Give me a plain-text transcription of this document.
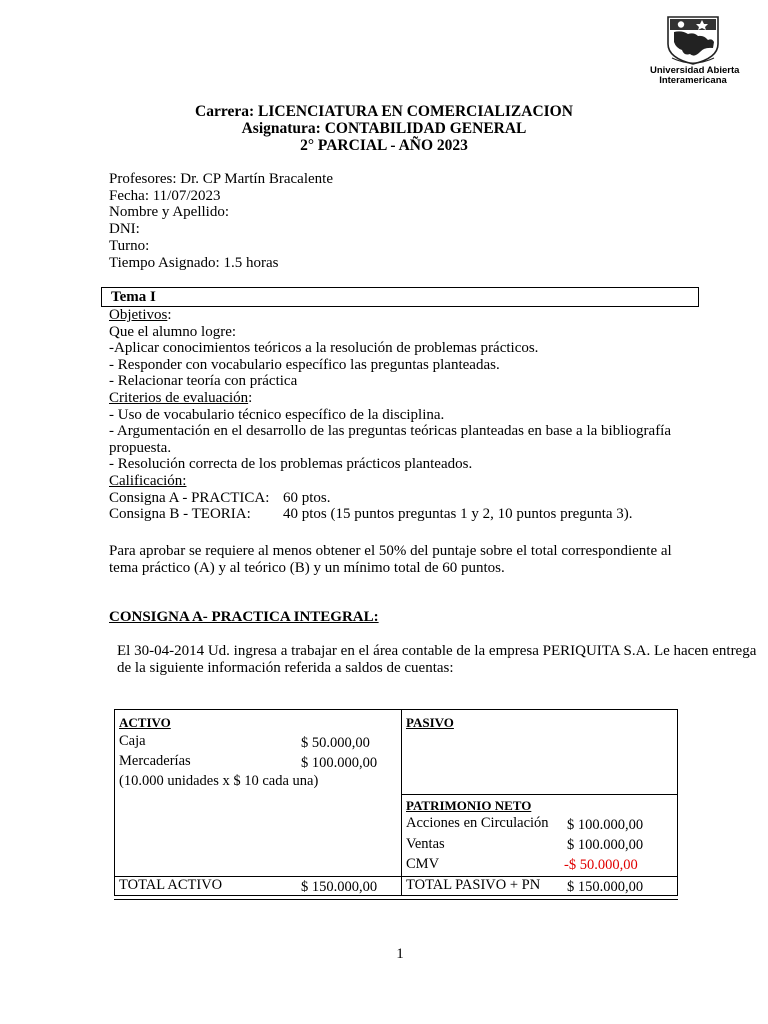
Universidad Abierta
Interamericana
Carrera: LICENCIATURA EN COMERCIALIZACION
Asignatura: CONTABILIDAD GENERAL
2° PARCIAL - AÑO 2023
Profesores: Dr. CP Martín Bracalente
Fecha: 11/07/2023
Nombre y Apellido:
DNI:
Turno:
Tiempo Asignado: 1.5 horas
Tema I
Objetivos:
Que el alumno logre:
-Aplicar conocimientos teóricos a la resolución de problemas prácticos.
- Responder con vocabulario específico las preguntas planteadas.
- Relacionar teoría con práctica
Criterios de evaluación:
- Uso de vocabulario técnico específico de la disciplina.
- Argumentación en el desarrollo de las preguntas teóricas planteadas en base a la bibliografía
propuesta.
- Resolución correcta de los problemas prácticos planteados.
Calificación:
Consigna A - PRACTICA: 60 ptos.
Consigna B - TEORIA: 40 ptos (15 puntos preguntas 1 y 2, 10 puntos pregunta 3).
Para aprobar se requiere al menos obtener el 50% del puntaje sobre el total correspondiente al
tema práctico (A) y al teórico (B) y un mínimo total de 60 puntos.
CONSIGNA A- PRACTICA INTEGRAL:
El 30-04-2014 Ud. ingresa a trabajar en el área contable de la empresa PERIQUITA S.A. Le hacen entrega
de la siguiente información referida a saldos de cuentas:
ACTIVO
Caja	$ 50.000,00
Mercaderías	$ 100.000,00
(10.000 unidades x $ 10 cada una)
PASIVO
PATRIMONIO NETO
Acciones en Circulación $ 100.000,00
Ventas	$ 100.000,00
CMV	-$ 50.000,00
TOTAL ACTIVO	$ 150.000,00 TOTAL PASIVO + PN $ 150.000,00
1
